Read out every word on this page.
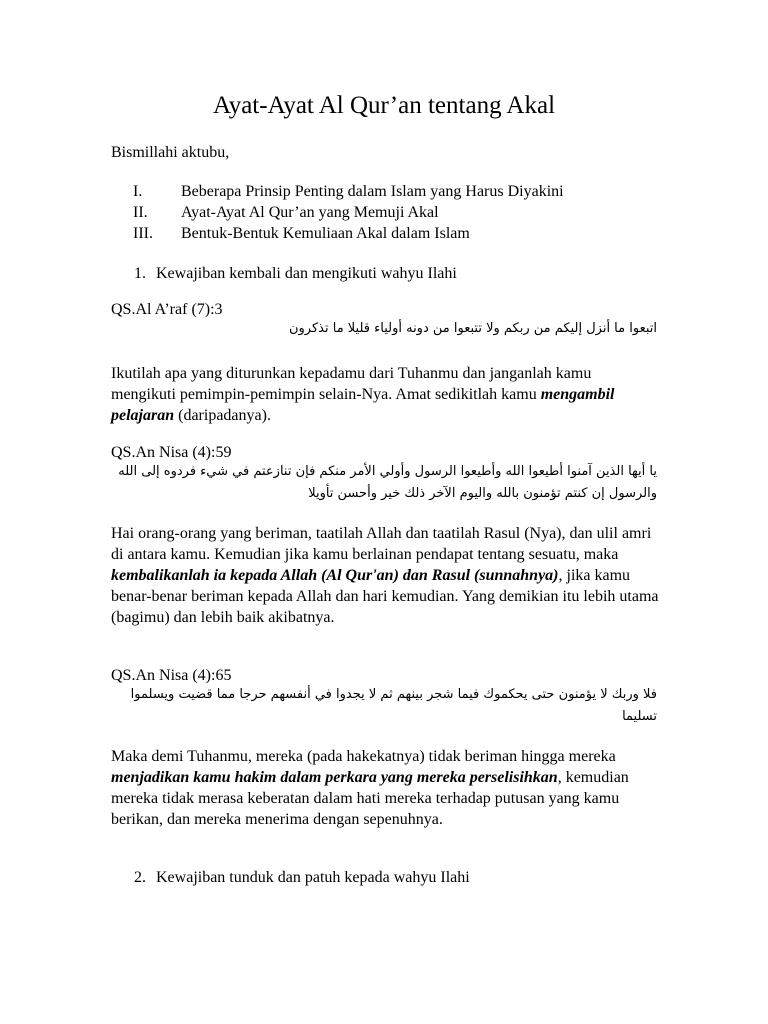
Ayat-Ayat Al Qur’an tentang Akal
Bismillahi aktubu,
I. Beberapa Prinsip Penting dalam Islam yang Harus Diyakini
II. Ayat-Ayat Al Qur’an yang Memuji Akal
III. Bentuk-Bentuk Kemuliaan Akal dalam Islam
1. Kewajiban kembali dan mengikuti wahyu Ilahi
QS.Al A’raf (7):3
اتبعوا ما أنزل إليكم من ربكم ولا تتبعوا من دونه أولياء قليلا ما تذكرون

Ikutilah apa yang diturunkan kepadamu dari Tuhanmu dan janganlah kamu mengikuti pemimpin-pemimpin selain-Nya. Amat sedikitlah kamu mengambil pelajaran (daripadanya).

QS.An Nisa (4):59
يا أيها الذين آمنوا أطيعوا الله وأطيعوا الرسول وأولي الأمر منكم فإن تنازعتم في شيء فردوه إلى الله والرسول إن كنتم تؤمنون بالله واليوم الآخر ذلك خير وأحسن تأويلا

Hai orang-orang yang beriman, taatilah Allah dan taatilah Rasul (Nya), dan ulil amri di antara kamu. Kemudian jika kamu berlainan pendapat tentang sesuatu, maka kembalikanlah ia kepada Allah (Al Qur'an) dan Rasul (sunnahnya), jika kamu benar-benar beriman kepada Allah dan hari kemudian. Yang demikian itu lebih utama (bagimu) dan lebih baik akibatnya.

QS.An Nisa (4):65
فلا وربك لا يؤمنون حتى يحكموك فيما شجر بينهم ثم لا يجدوا في أنفسهم حرجا مما قضيت ويسلموا تسليما

Maka demi Tuhanmu, mereka (pada hakekatnya) tidak beriman hingga mereka menjadikan kamu hakim dalam perkara yang mereka perselisihkan, kemudian mereka tidak merasa keberatan dalam hati mereka terhadap putusan yang kamu berikan, dan mereka menerima dengan sepenuhnya.

2. Kewajiban tunduk dan patuh kepada wahyu Ilahi
